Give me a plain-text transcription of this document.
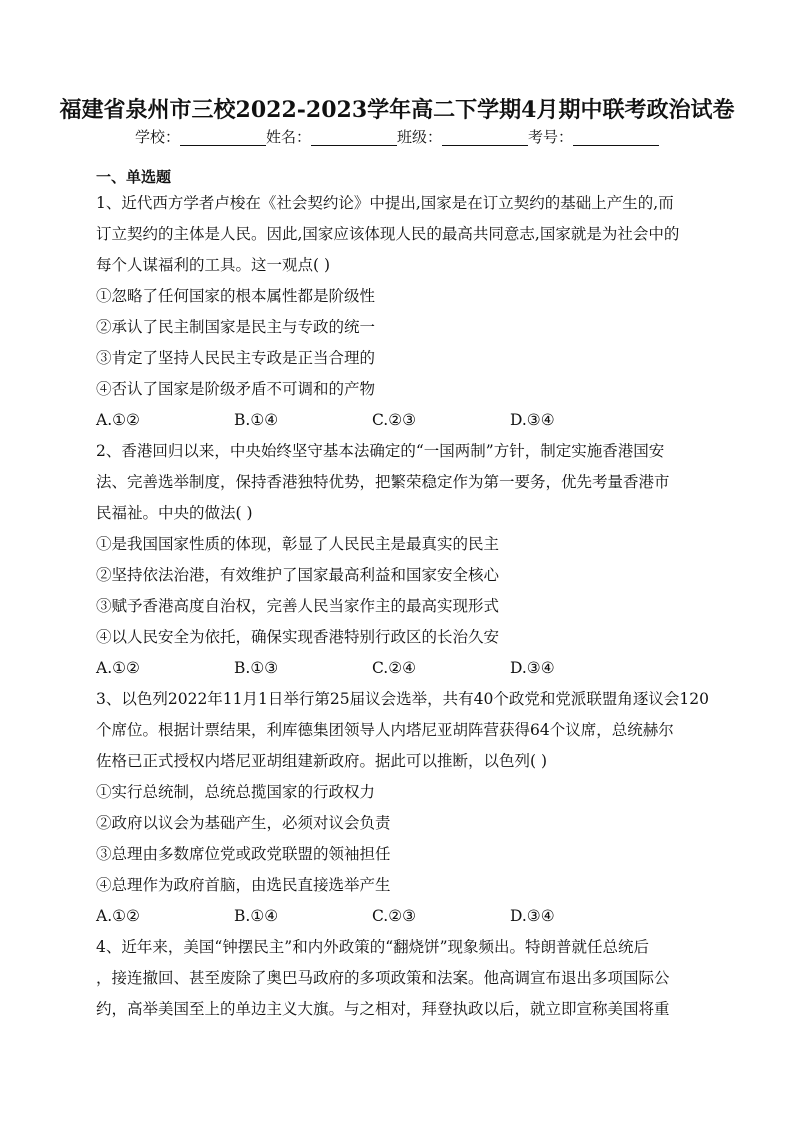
福建省泉州市三校2022-2023学年高二下学期4月期中联考政治试卷
学校：	姓名：	班级：	考号：
一、单选题
1、近代西方学者卢梭在《社会契约论》中提出,国家是在订立契约的基础上产生的,而
订立契约的主体是人民。因此,国家应该体现人民的最高共同意志,国家就是为社会中的
每个人谋福利的工具。这一观点( )
①忽略了任何国家的根本属性都是阶级性
②承认了民主制国家是民主与专政的统一
③肯定了坚持人民民主专政是正当合理的
④否认了国家是阶级矛盾不可调和的产物
A.①②	B.①④	C.②③	D.③④
2、香港回归以来，中央始终坚守基本法确定的“一国两制”方针，制定实施香港国安
法、完善选举制度，保持香港独特优势，把繁荣稳定作为第一要务，优先考量香港市
民福祉。中央的做法( )
①是我国国家性质的体现，彰显了人民民主是最真实的民主
②坚持依法治港，有效维护了国家最高利益和国家安全核心
③赋予香港高度自治权，完善人民当家作主的最高实现形式
④以人民安全为依托，确保实现香港特别行政区的长治久安
A.①②	B.①③	C.②④	D.③④
3、以色列2022年11月1日举行第25届议会选举，共有40个政党和党派联盟角逐议会120
个席位。根据计票结果，利库德集团领导人内塔尼亚胡阵营获得64个议席，总统赫尔
佐格已正式授权内塔尼亚胡组建新政府。据此可以推断，以色列( )
①实行总统制，总统总揽国家的行政权力
②政府以议会为基础产生，必须对议会负责
③总理由多数席位党或政党联盟的领袖担任
④总理作为政府首脑，由选民直接选举产生
A.①②	B.①④	C.②③	D.③④
4、近年来，美国“钟摆民主”和内外政策的“翻烧饼”现象频出。特朗普就任总统后
，接连撤回、甚至废除了奥巴马政府的多项政策和法案。他高调宣布退出多项国际公
约，高举美国至上的单边主义大旗。与之相对，拜登执政以后，就立即宣称美国将重
